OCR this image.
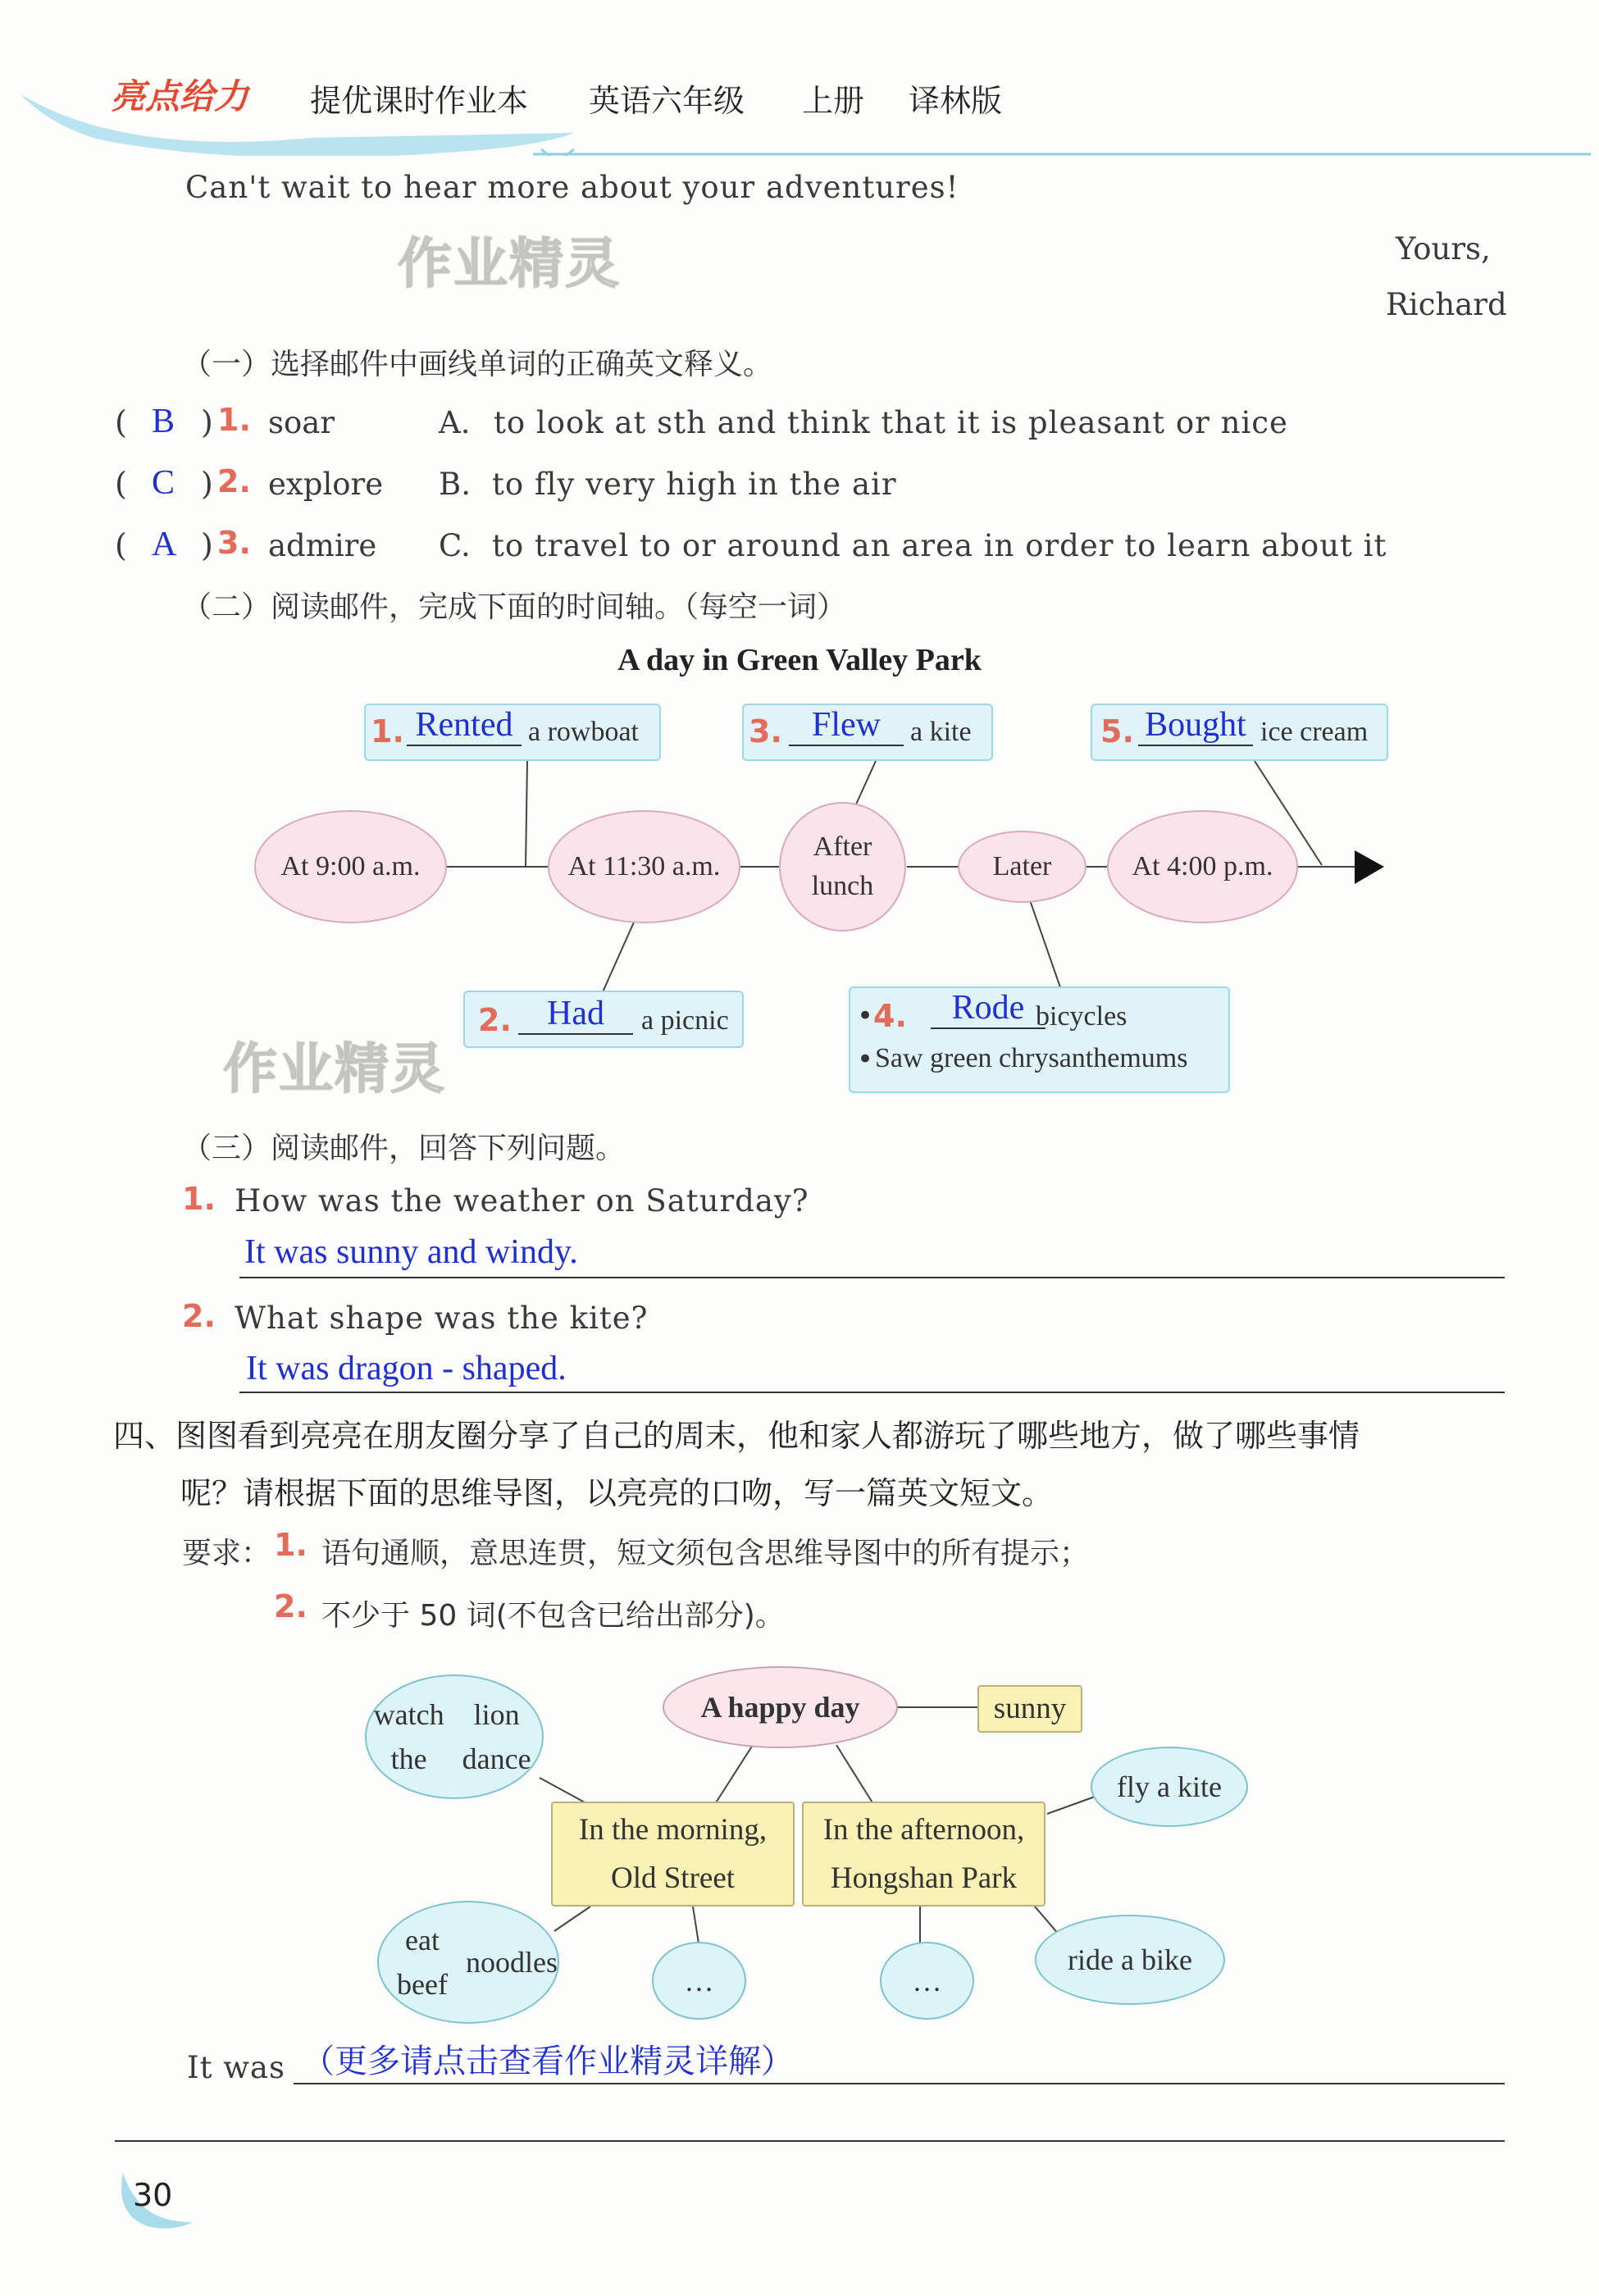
亮点给力 提优课时作业本 英语六年级 上册 译林版
Can't wait to hear more about your adventures!
Yours,
Richard
作业精灵
（一）选择邮件中画线单词的正确英文释义。
( B ) 1. soar	A. to look at sth and think that it is pleasant or nice
( C ) 2. explore B. to fly very high in the air
( A ) 3. admire C. to travel to or around an area in order to learn about it
（二）阅读邮件，完成下面的时间轴。（每空一词）
A day in Green Valley Park
At 9:00 a.m.	At 11:30 a.m.
After lunch
Later	At 4:00 p.m.
1. Rented a rowboat	3. Flew	a kite	5. Bought ice cream
2.	Had	a picnic	• 4.	Rode bicycles
• Saw green chrysanthemums
作业精灵
（三）阅读邮件，回答下列问题。
1. How was the weather on Saturday?
It was sunny and windy.
2. What shape was the kite?
It was dragon - shaped.
四、图图看到亮亮在朋友圈分享了自己的周末，他和家人都游玩了哪些地方，做了哪些事情
呢？请根据下面的思维导图，以亮亮的口吻，写一篇英文短文。
要求： 1. 语句通顺，意思连贯，短文须包含思维导图中的所有提示；
2. 不少于 50 词(不包含已给出部分)。
watch the

lion dance
A happy day	sunny
fly a kite
In the morning,
Old Street
In the afternoon,
Hongshan Park
eat beef

noodles
…	…
ride a bike
It was （更多请点击查看作业精灵详解）
30
